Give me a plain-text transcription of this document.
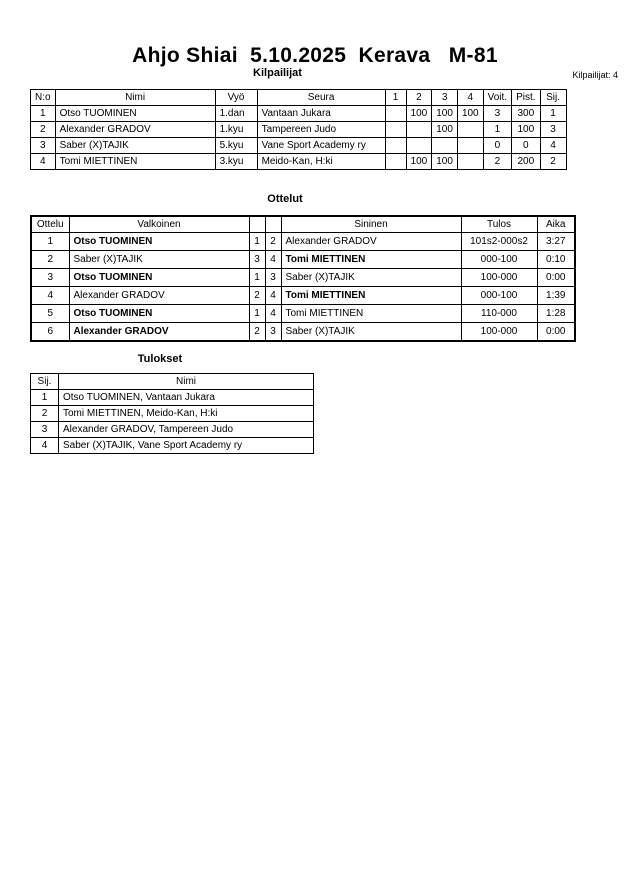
Ahjo Shiai  5.10.2025  Kerava   M-81
Kilpailijat	Kilpailijat: 4
N:o	Nimi	Vyö	Seura	1	2	3	4	Voit.	Pist.	Sij.
1	Otso TUOMINEN	1.dan	Vantaan Jukara		100	100	100	3	300	1
2	Alexander GRADOV	1.kyu	Tampereen Judo			100		1	100	3
3	Saber (X)TAJIK	5.kyu	Vane Sport Academy ry					0	0	4
4	Tomi MIETTINEN	3.kyu	Meido-Kan, H:ki		100	100		2	200	2
Ottelut
Ottelu	Valkoinen			Sininen	Tulos	Aika
1	Otso TUOMINEN	1	2	Alexander GRADOV	101s2-000s2	3:27
2	Saber (X)TAJIK	3	4	Tomi MIETTINEN	000-100	0:10
3	Otso TUOMINEN	1	3	Saber (X)TAJIK	100-000	0:00
4	Alexander GRADOV	2	4	Tomi MIETTINEN	000-100	1:39
5	Otso TUOMINEN	1	4	Tomi MIETTINEN	110-000	1:28
6	Alexander GRADOV	2	3	Saber (X)TAJIK	100-000	0:00
Tulokset
Sij.	Nimi
1	Otso TUOMINEN, Vantaan Jukara
2	Tomi MIETTINEN, Meido-Kan, H:ki
3	Alexander GRADOV, Tampereen Judo
4	Saber (X)TAJIK, Vane Sport Academy ry
